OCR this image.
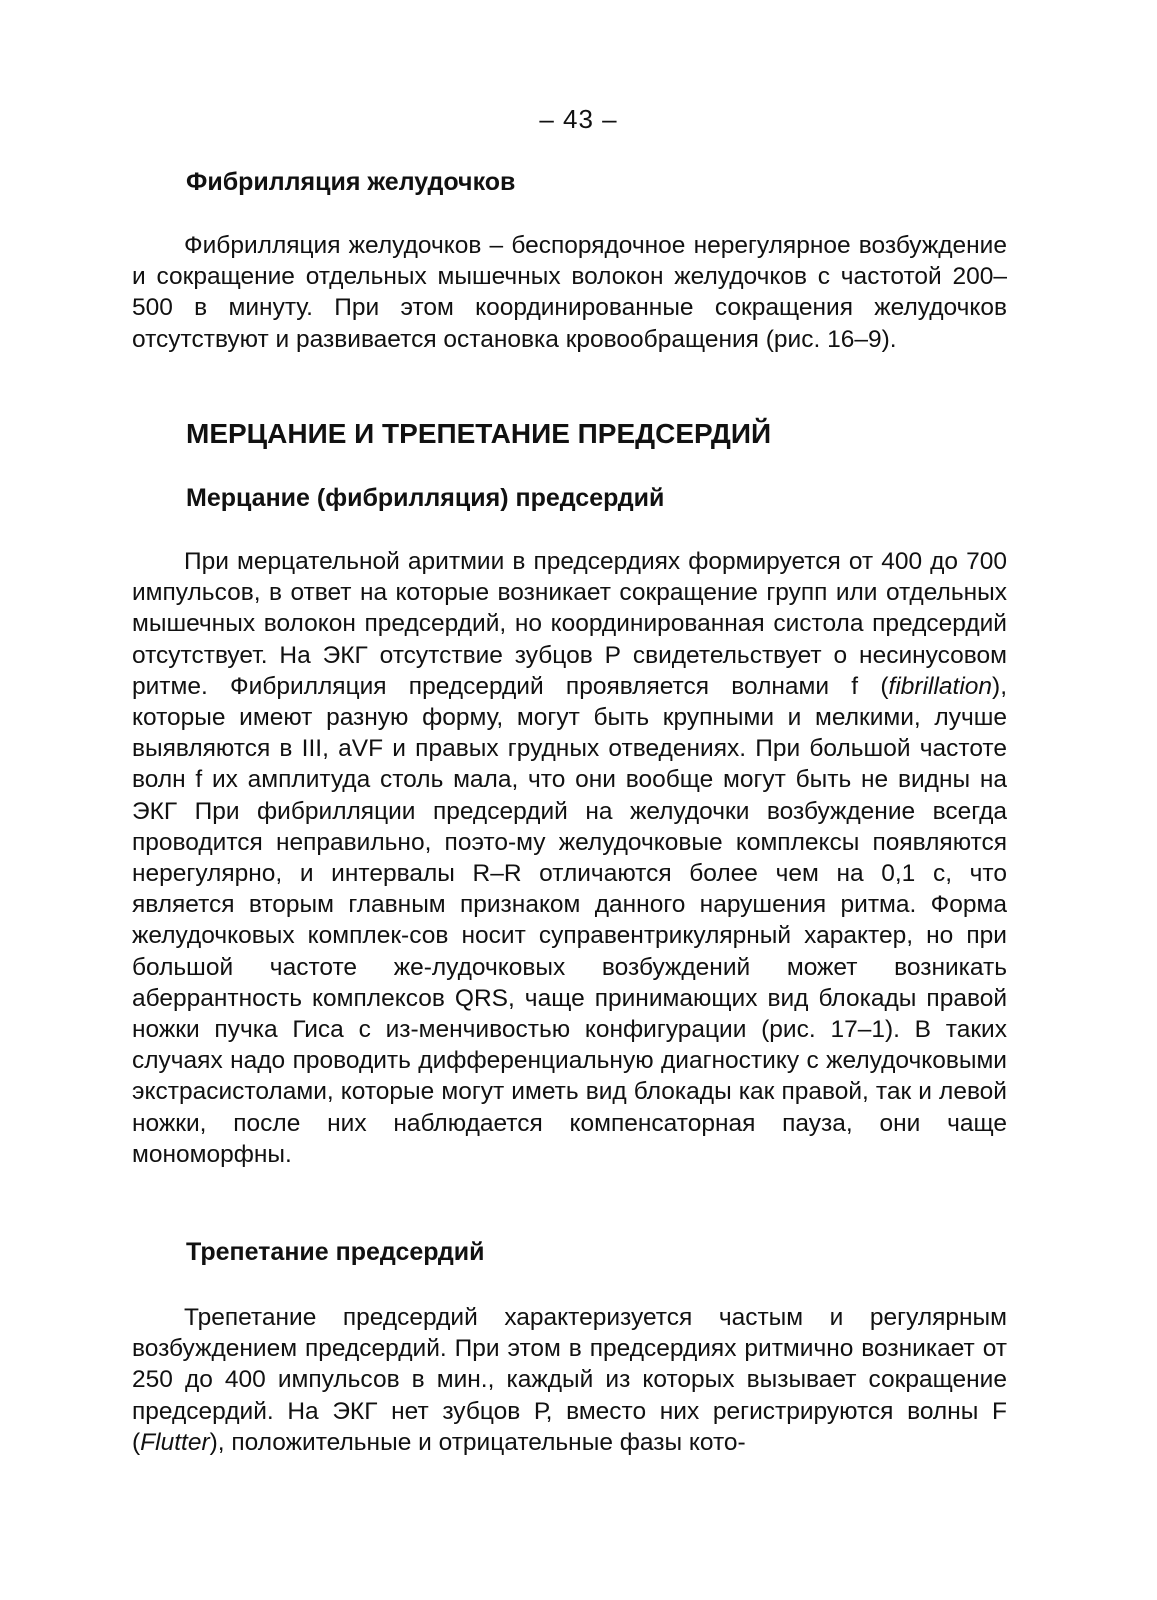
– 43 –
Фибрилляция желудочков

Фибрилляция желудочков – беспорядочное нерегулярное возбуждение и сокращение отдельных мышечных волокон желудочков с частотой 200–500 в минуту. При этом координированные сокращения желудочков отсутствуют и развивается остановка кровообращения (рис. 16–9).

МЕРЦАНИЕ И ТРЕПЕТАНИЕ ПРЕДСЕРДИЙ
Мерцание (фибрилляция) предсердий

При мерцательной аритмии в предсердиях формируется от 400 до 700 импульсов, в ответ на которые возникает сокращение групп или отдельных мышечных волокон предсердий, но координированная систола предсердий отсутствует. На ЭКГ отсутствие зубцов Р свидетельствует о несинусовом ритме. Фибрилляция предсердий проявляется волнами f (fibrillation), которые имеют разную форму, могут быть крупными и мелкими, лучше выявляются в III, aVF и правых грудных отведениях. При большой частоте волн f их амплитуда столь мала, что они вообще могут быть не видны на ЭКГ При фибрилляции предсердий на желудочки возбуждение всегда проводится неправильно, поэто-му желудочковые комплексы появляются нерегулярно, и интервалы R–R отличаются более чем на 0,1 с, что является вторым главным признаком данного нарушения ритма. Форма желудочковых комплек-сов носит суправентрикулярный характер, но при большой частоте же-лудочковых возбуждений может возникать аберрантность комплексов QRS, чаще принимающих вид блокады правой ножки пучка Гиса с из-менчивостью конфигурации (рис. 17–1). В таких случаях надо проводить дифференциальную диагностику с желудочковыми экстрасистолами, которые могут иметь вид блокады как правой, так и левой ножки, после них наблюдается компенсаторная пауза, они чаще мономорфны.

Трепетание предсердий

Трепетание предсердий характеризуется частым и регулярным возбуждением предсердий. При этом в предсердиях ритмично возникает от 250 до 400 импульсов в мин., каждый из которых вызывает сокращение предсердий. На ЭКГ нет зубцов Р, вместо них регистрируются волны F (Flutter), положительные и отрицательные фазы кото-
